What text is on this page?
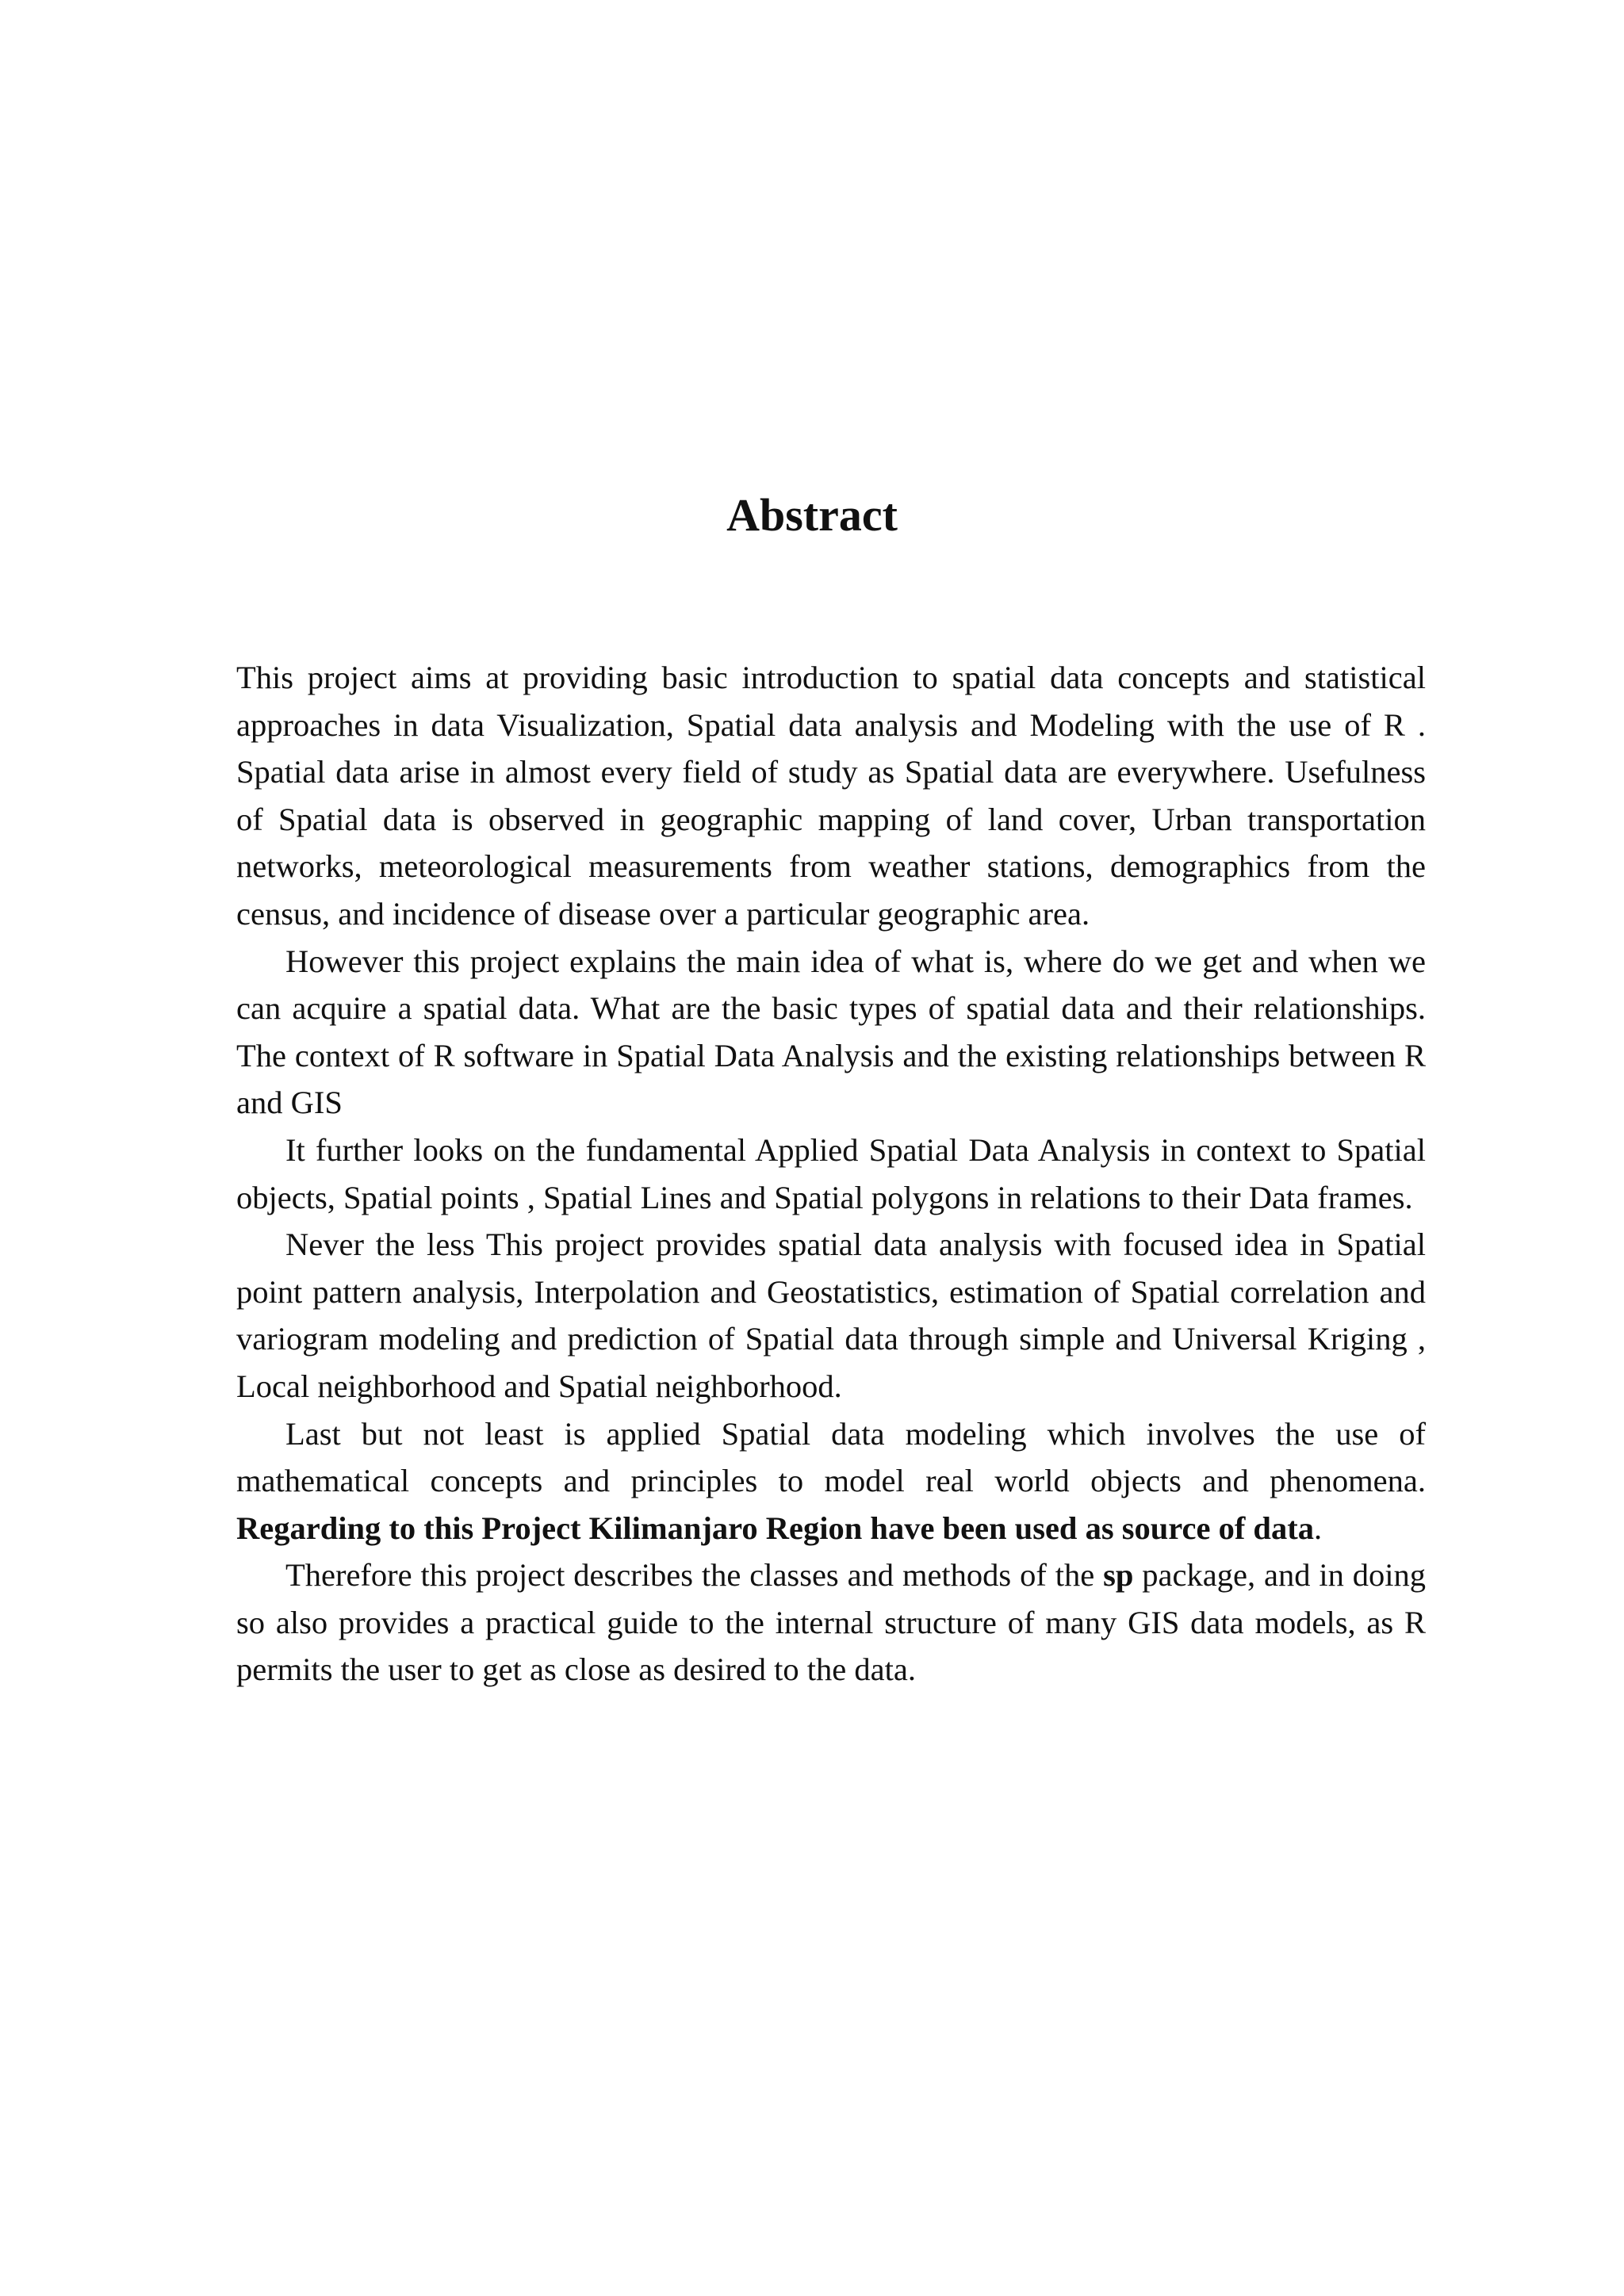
Abstract

This project aims at providing basic introduction to spatial data concepts and statistical approaches in data Visualization, Spatial data analysis and Modeling with the use of R . Spatial data arise in almost every field of study as Spatial data are everywhere. Usefulness of Spatial data is observed in geographic mapping of land cover, Urban transportation networks, meteorological measurements from weather stations, demographics from the census, and incidence of disease over a particular geographic area.

However this project explains the main idea of what is, where do we get and when we can acquire a spatial data. What are the basic types of spatial data and their relationships. The context of R software in Spatial Data Analysis and the existing relationships between R and GIS

It further looks on the fundamental Applied Spatial Data Analysis in context to Spatial objects, Spatial points , Spatial Lines and Spatial polygons in relations to their Data frames.

Never the less This project provides spatial data analysis with focused idea in Spatial point pattern analysis, Interpolation and Geostatistics, estimation of Spatial correlation and variogram modeling and prediction of Spatial data through simple and Universal Kriging , Local neighborhood and Spatial neighborhood.

Last but not least is applied Spatial data modeling which involves the use of mathematical concepts and principles to model real world objects and phenomena. Regarding to this Project Kilimanjaro Region have been used as source of data.

Therefore this project describes the classes and methods of the sp package, and in doing so also provides a practical guide to the internal structure of many GIS data models, as R permits the user to get as close as desired to the data.
